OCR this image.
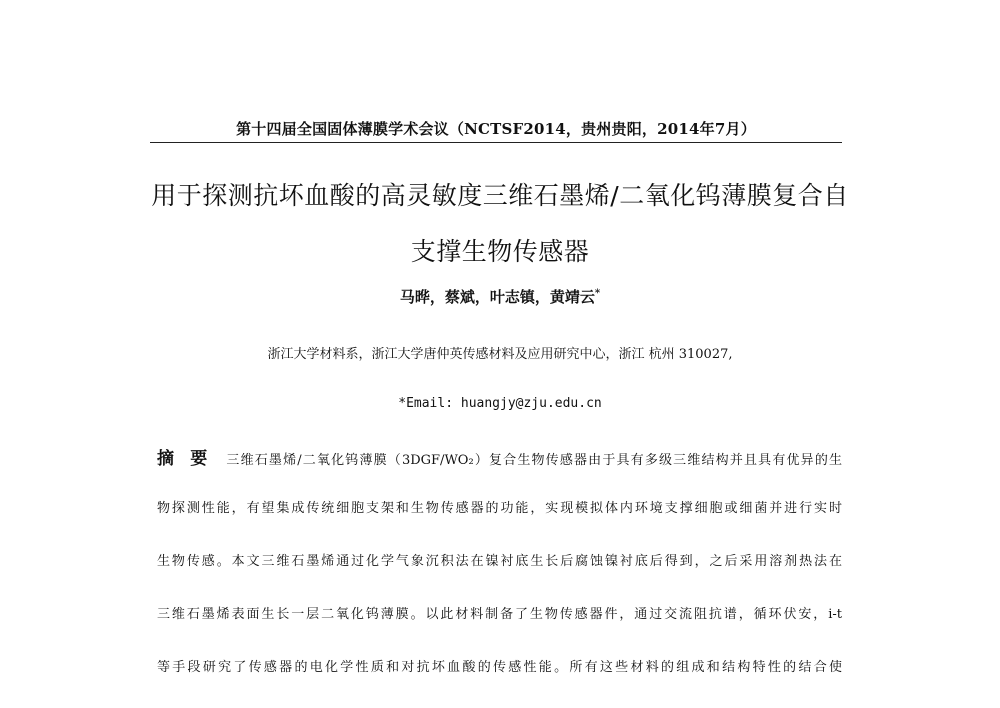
第十四届全国固体薄膜学术会议（NCTSF2014，贵州贵阳，2014年7月）
用于探测抗坏血酸的高灵敏度三维石墨烯/二氧化钨薄膜复合自
支撑生物传感器
马晔，蔡斌，叶志镇，黄靖云*
浙江大学材料系，浙江大学唐仲英传感材料及应用研究中心，浙江 杭州 310027,
*Email: huangjy@zju.edu.cn
摘 要 三维石墨烯/二氧化钨薄膜（3DGF/WO₂）复合生物传感器由于具有多级三维结构并且具有优异的生
物探测性能，有望集成传统细胞支架和生物传感器的功能，实现模拟体内环境支撑细胞或细菌并进行实时
生物传感。本文三维石墨烯通过化学气象沉积法在镍衬底生长后腐蚀镍衬底后得到，之后采用溶剂热法在
三维石墨烯表面生长一层二氧化钨薄膜。以此材料制备了生物传感器件，通过交流阻抗谱，循环伏安，i-t
等手段研究了传感器的电化学性质和对抗坏血酸的传感性能。所有这些材料的组成和结构特性的结合使
